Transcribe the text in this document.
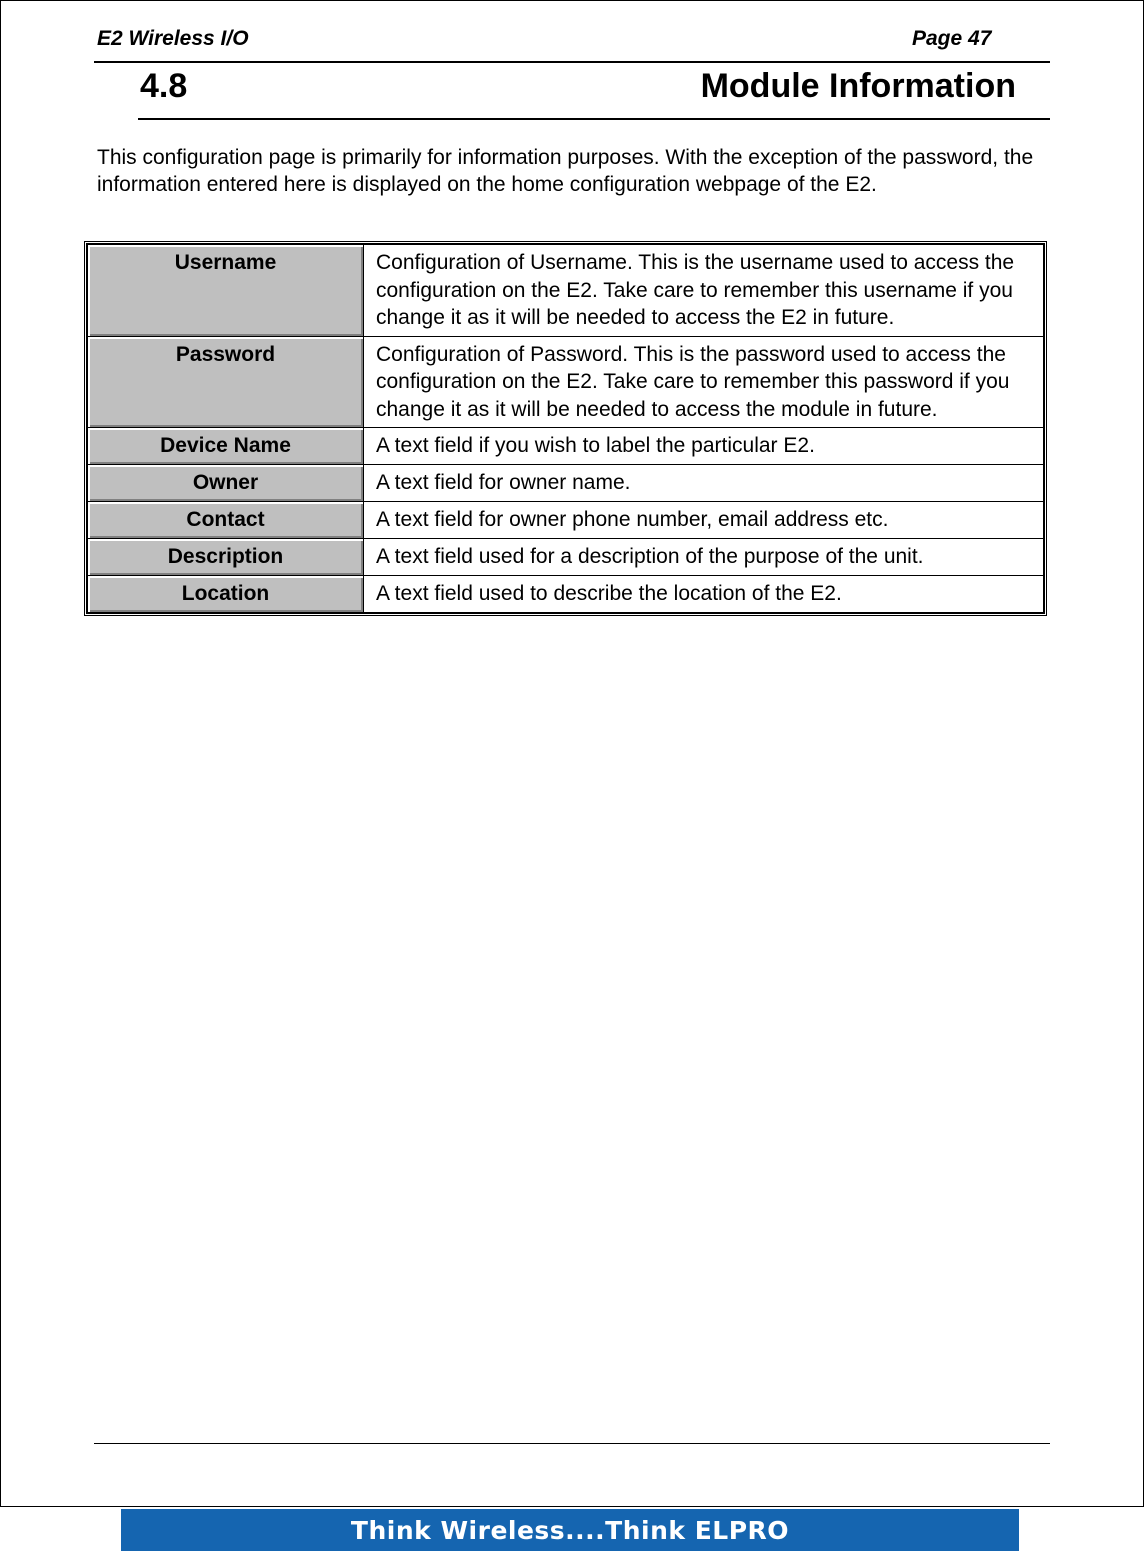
E2 Wireless I/O	Page 47
4.8	Module Information

This configuration page is primarily for information purposes. With the exception of the password, the information entered here is displayed on the home configuration webpage of the E2.

Username	Configuration of Username. This is the username used to access the configuration on the E2. Take care to remember this username if you change it as it will be needed to access the E2 in future.
Password	Configuration of Password. This is the password used to access the configuration on the E2. Take care to remember this password if you change it as it will be needed to access the module in future.
Device Name	A text field if you wish to label the particular E2.
Owner	A text field for owner name.
Contact	A text field for owner phone number, email address etc.
Description	A text field used for a description of the purpose of the unit.
Location	A text field used to describe the location of the E2.
Think Wireless....Think ELPRO
